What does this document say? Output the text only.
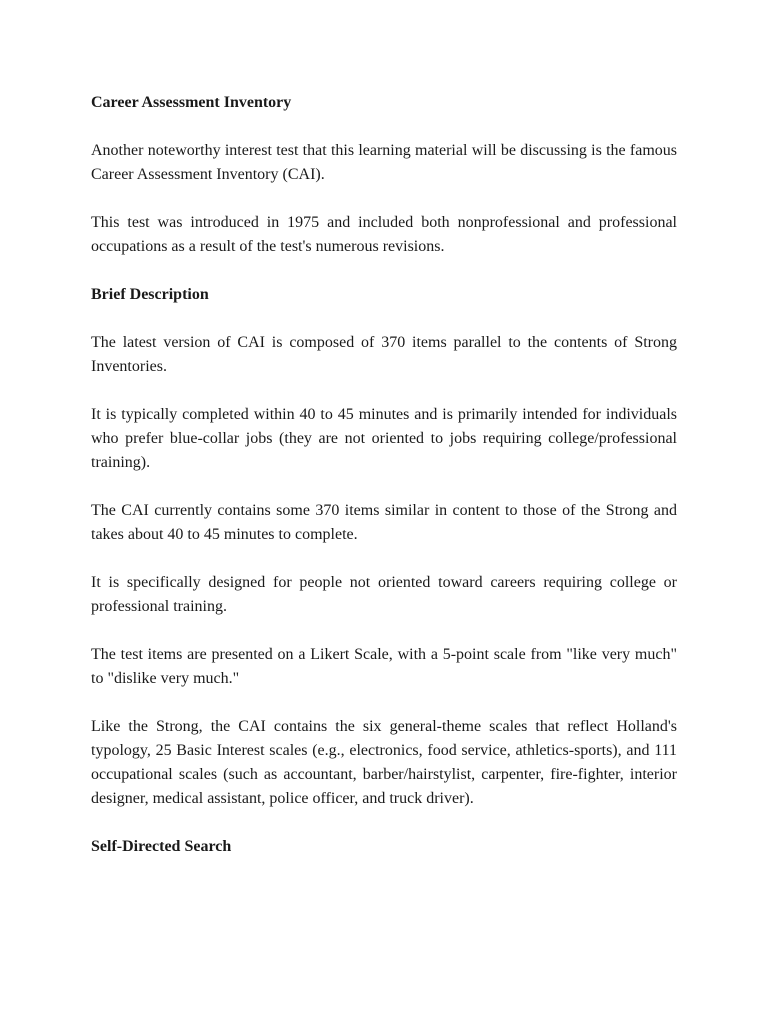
Career Assessment Inventory

Another noteworthy interest test that this learning material will be discussing is the famous Career Assessment Inventory (CAI).

This test was introduced in 1975 and included both nonprofessional and professional occupations as a result of the test's numerous revisions.

Brief Description

The latest version of CAI is composed of 370 items parallel to the contents of Strong Inventories.

It is typically completed within 40 to 45 minutes and is primarily intended for individuals who prefer blue-collar jobs (they are not oriented to jobs requiring college/professional training).

The CAI currently contains some 370 items similar in content to those of the Strong and takes about 40 to 45 minutes to complete.

It is specifically designed for people not oriented toward careers requiring college or professional training.

The test items are presented on a Likert Scale, with a 5-point scale from "like very much" to "dislike very much."

Like the Strong, the CAI contains the six general-theme scales that reflect Holland's typology, 25 Basic Interest scales (e.g., electronics, food service, athletics-sports), and 111 occupational scales (such as accountant, barber/hairstylist, carpenter, fire-fighter, interior designer, medical assistant, police officer, and truck driver).

Self-Directed Search
